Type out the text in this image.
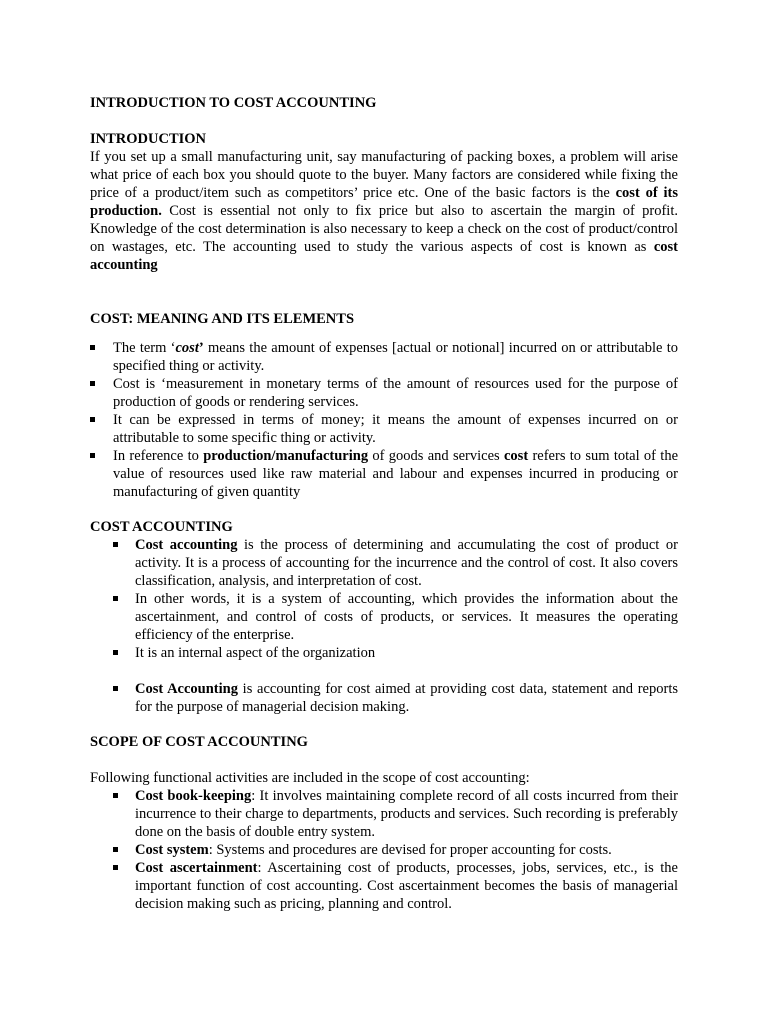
INTRODUCTION TO COST ACCOUNTING

INTRODUCTION

If you set up a small manufacturing unit, say manufacturing of packing boxes, a problem will arise what price of each box you should quote to the buyer. Many factors are considered while fixing the price of a product/item such as competitors’ price etc. One of the basic factors is the cost of its production. Cost is essential not only to fix price but also to ascertain the margin of profit. Knowledge of the cost determination is also necessary to keep a check on the cost of product/control on wastages, etc. The accounting used to study the various aspects of cost is known as cost accounting

COST: MEANING AND ITS ELEMENTS

The term ‘cost’ means the amount of expenses [actual or notional] incurred on or attributable to specified thing or activity.
Cost is ‘measurement in monetary terms of the amount of resources used for the purpose of production of goods or rendering services.
It can be expressed in terms of money; it means the amount of expenses incurred on or attributable to some specific thing or activity.
In reference to production/manufacturing of goods and services cost refers to sum total of the value of resources used like raw material and labour and expenses incurred in producing or manufacturing of given quantity

COST ACCOUNTING

Cost accounting is the process of determining and accumulating the cost of product or activity. It is a process of accounting for the incurrence and the control of cost. It also covers classification, analysis, and interpretation of cost.
In other words, it is a system of accounting, which provides the information about the ascertainment, and control of costs of products, or services. It measures the operating efficiency of the enterprise.
It is an internal aspect of the organization
Cost Accounting is accounting for cost aimed at providing cost data, statement and reports for the purpose of managerial decision making.

SCOPE OF COST ACCOUNTING

Following functional activities are included in the scope of cost accounting:

Cost book-keeping: It involves maintaining complete record of all costs incurred from their incurrence to their charge to departments, products and services. Such recording is preferably done on the basis of double entry system.
Cost system: Systems and procedures are devised for proper accounting for costs.
Cost ascertainment: Ascertaining cost of products, processes, jobs, services, etc., is the important function of cost accounting. Cost ascertainment becomes the basis of managerial decision making such as pricing, planning and control.
